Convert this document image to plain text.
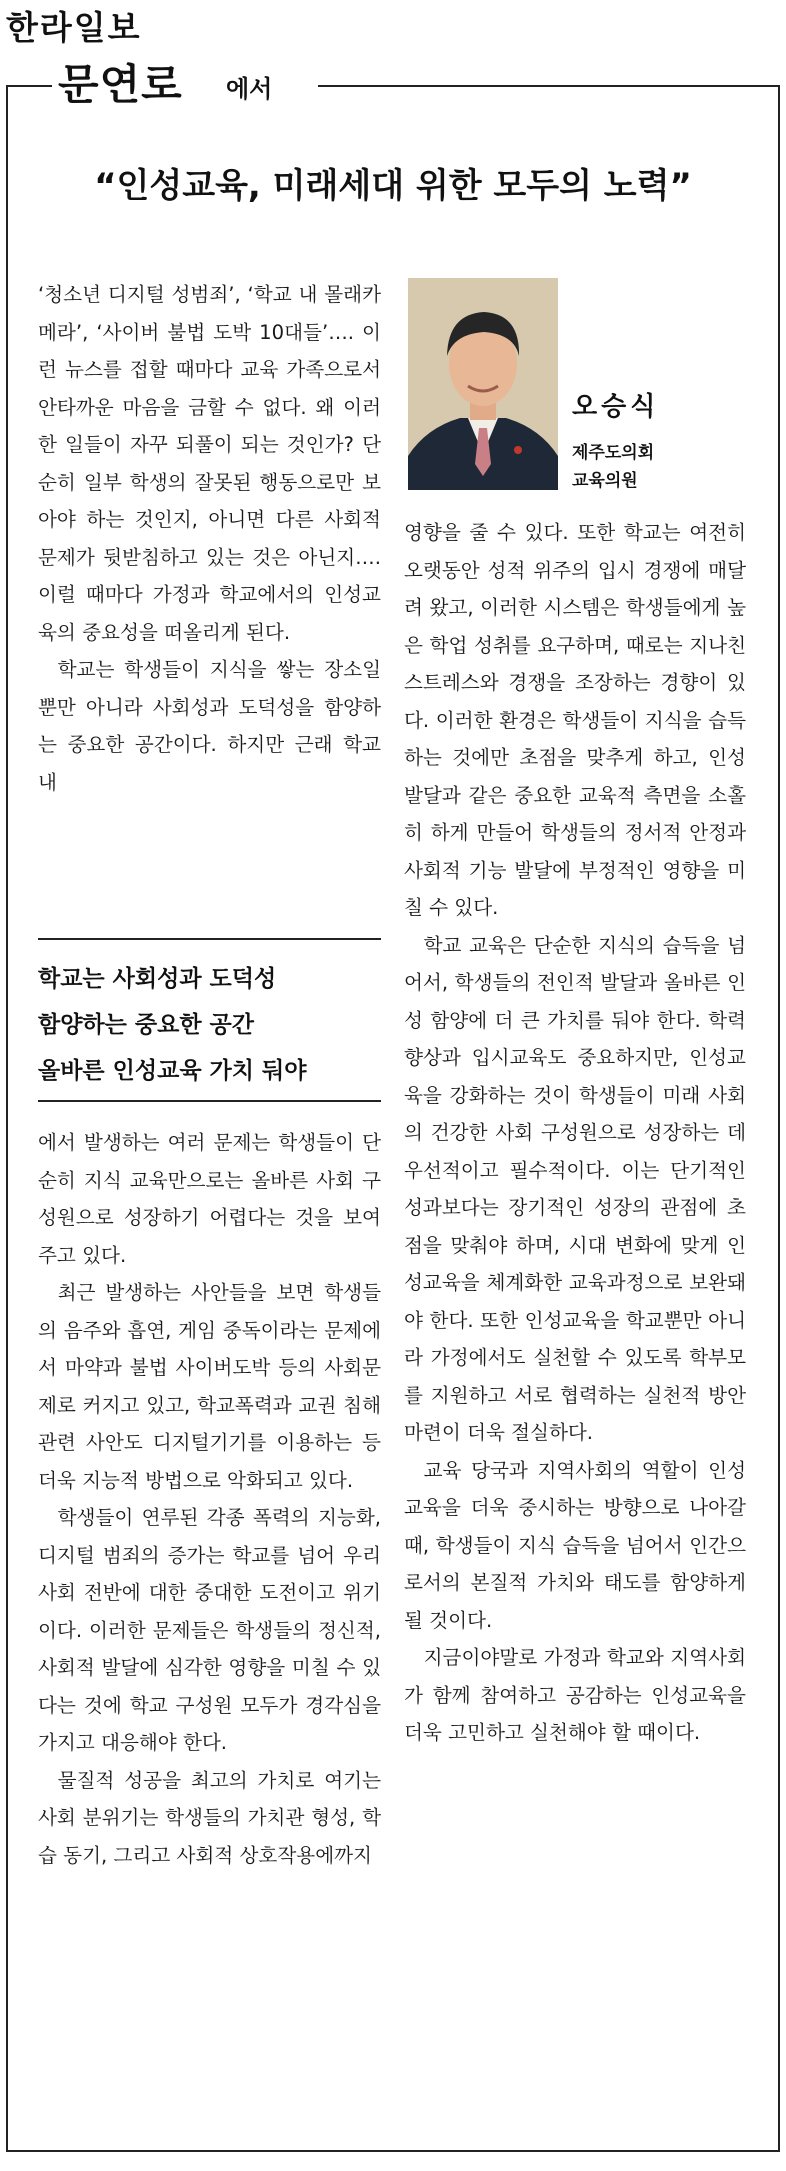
한라일보
문연로 에서
“인성교육, 미래세대 위한 모두의 노력”

‘청소년 디지털 성범죄’, ‘학교 내 몰래카메라’, ‘사이버 불법 도박 10대들’…. 이런 뉴스를 접할 때마다 교육 가족으로서 안타까운 마음을 금할 수 없다. 왜 이러한 일들이 자꾸 되풀이 되는 것인가? 단순히 일부 학생의 잘못된 행동으로만 보아야 하는 것인지, 아니면 다른 사회적 문제가 뒷받침하고 있는 것은 아닌지…. 이럴 때마다 가정과 학교에서의 인성교육의 중요성을 떠올리게 된다.

학교는 학생들이 지식을 쌓는 장소일 뿐만 아니라 사회성과 도덕성을 함양하는 중요한 공간이다. 하지만 근래 학교 내

학교는 사회성과 도덕성
함양하는 중요한 공간
올바른 인성교육 가치 둬야

에서 발생하는 여러 문제는 학생들이 단순히 지식 교육만으로는 올바른 사회 구성원으로 성장하기 어렵다는 것을 보여주고 있다.

최근 발생하는 사안들을 보면 학생들의 음주와 흡연, 게임 중독이라는 문제에서 마약과 불법 사이버도박 등의 사회문제로 커지고 있고, 학교폭력과 교권 침해 관련 사안도 디지털기기를 이용하는 등 더욱 지능적 방법으로 악화되고 있다.

학생들이 연루된 각종 폭력의 지능화, 디지털 범죄의 증가는 학교를 넘어 우리 사회 전반에 대한 중대한 도전이고 위기이다. 이러한 문제들은 학생들의 정신적, 사회적 발달에 심각한 영향을 미칠 수 있다는 것에 학교 구성원 모두가 경각심을 가지고 대응해야 한다.

물질적 성공을 최고의 가치로 여기는 사회 분위기는 학생들의 가치관 형성, 학습 동기, 그리고 사회적 상호작용에까지

오승식
제주도의회
교육의원

영향을 줄 수 있다. 또한 학교는 여전히 오랫동안 성적 위주의 입시 경쟁에 매달려 왔고, 이러한 시스템은 학생들에게 높은 학업 성취를 요구하며, 때로는 지나친 스트레스와 경쟁을 조장하는 경향이 있다. 이러한 환경은 학생들이 지식을 습득하는 것에만 초점을 맞추게 하고, 인성 발달과 같은 중요한 교육적 측면을 소홀히 하게 만들어 학생들의 정서적 안정과 사회적 기능 발달에 부정적인 영향을 미칠 수 있다.

학교 교육은 단순한 지식의 습득을 넘어서, 학생들의 전인적 발달과 올바른 인성 함양에 더 큰 가치를 둬야 한다. 학력 향상과 입시교육도 중요하지만, 인성교육을 강화하는 것이 학생들이 미래 사회의 건강한 사회 구성원으로 성장하는 데 우선적이고 필수적이다. 이는 단기적인 성과보다는 장기적인 성장의 관점에 초점을 맞춰야 하며, 시대 변화에 맞게 인성교육을 체계화한 교육과정으로 보완돼야 한다. 또한 인성교육을 학교뿐만 아니라 가정에서도 실천할 수 있도록 학부모를 지원하고 서로 협력하는 실천적 방안 마련이 더욱 절실하다.

교육 당국과 지역사회의 역할이 인성교육을 더욱 중시하는 방향으로 나아갈 때, 학생들이 지식 습득을 넘어서 인간으로서의 본질적 가치와 태도를 함양하게 될 것이다.

지금이야말로 가정과 학교와 지역사회가 함께 참여하고 공감하는 인성교육을 더욱 고민하고 실천해야 할 때이다.
